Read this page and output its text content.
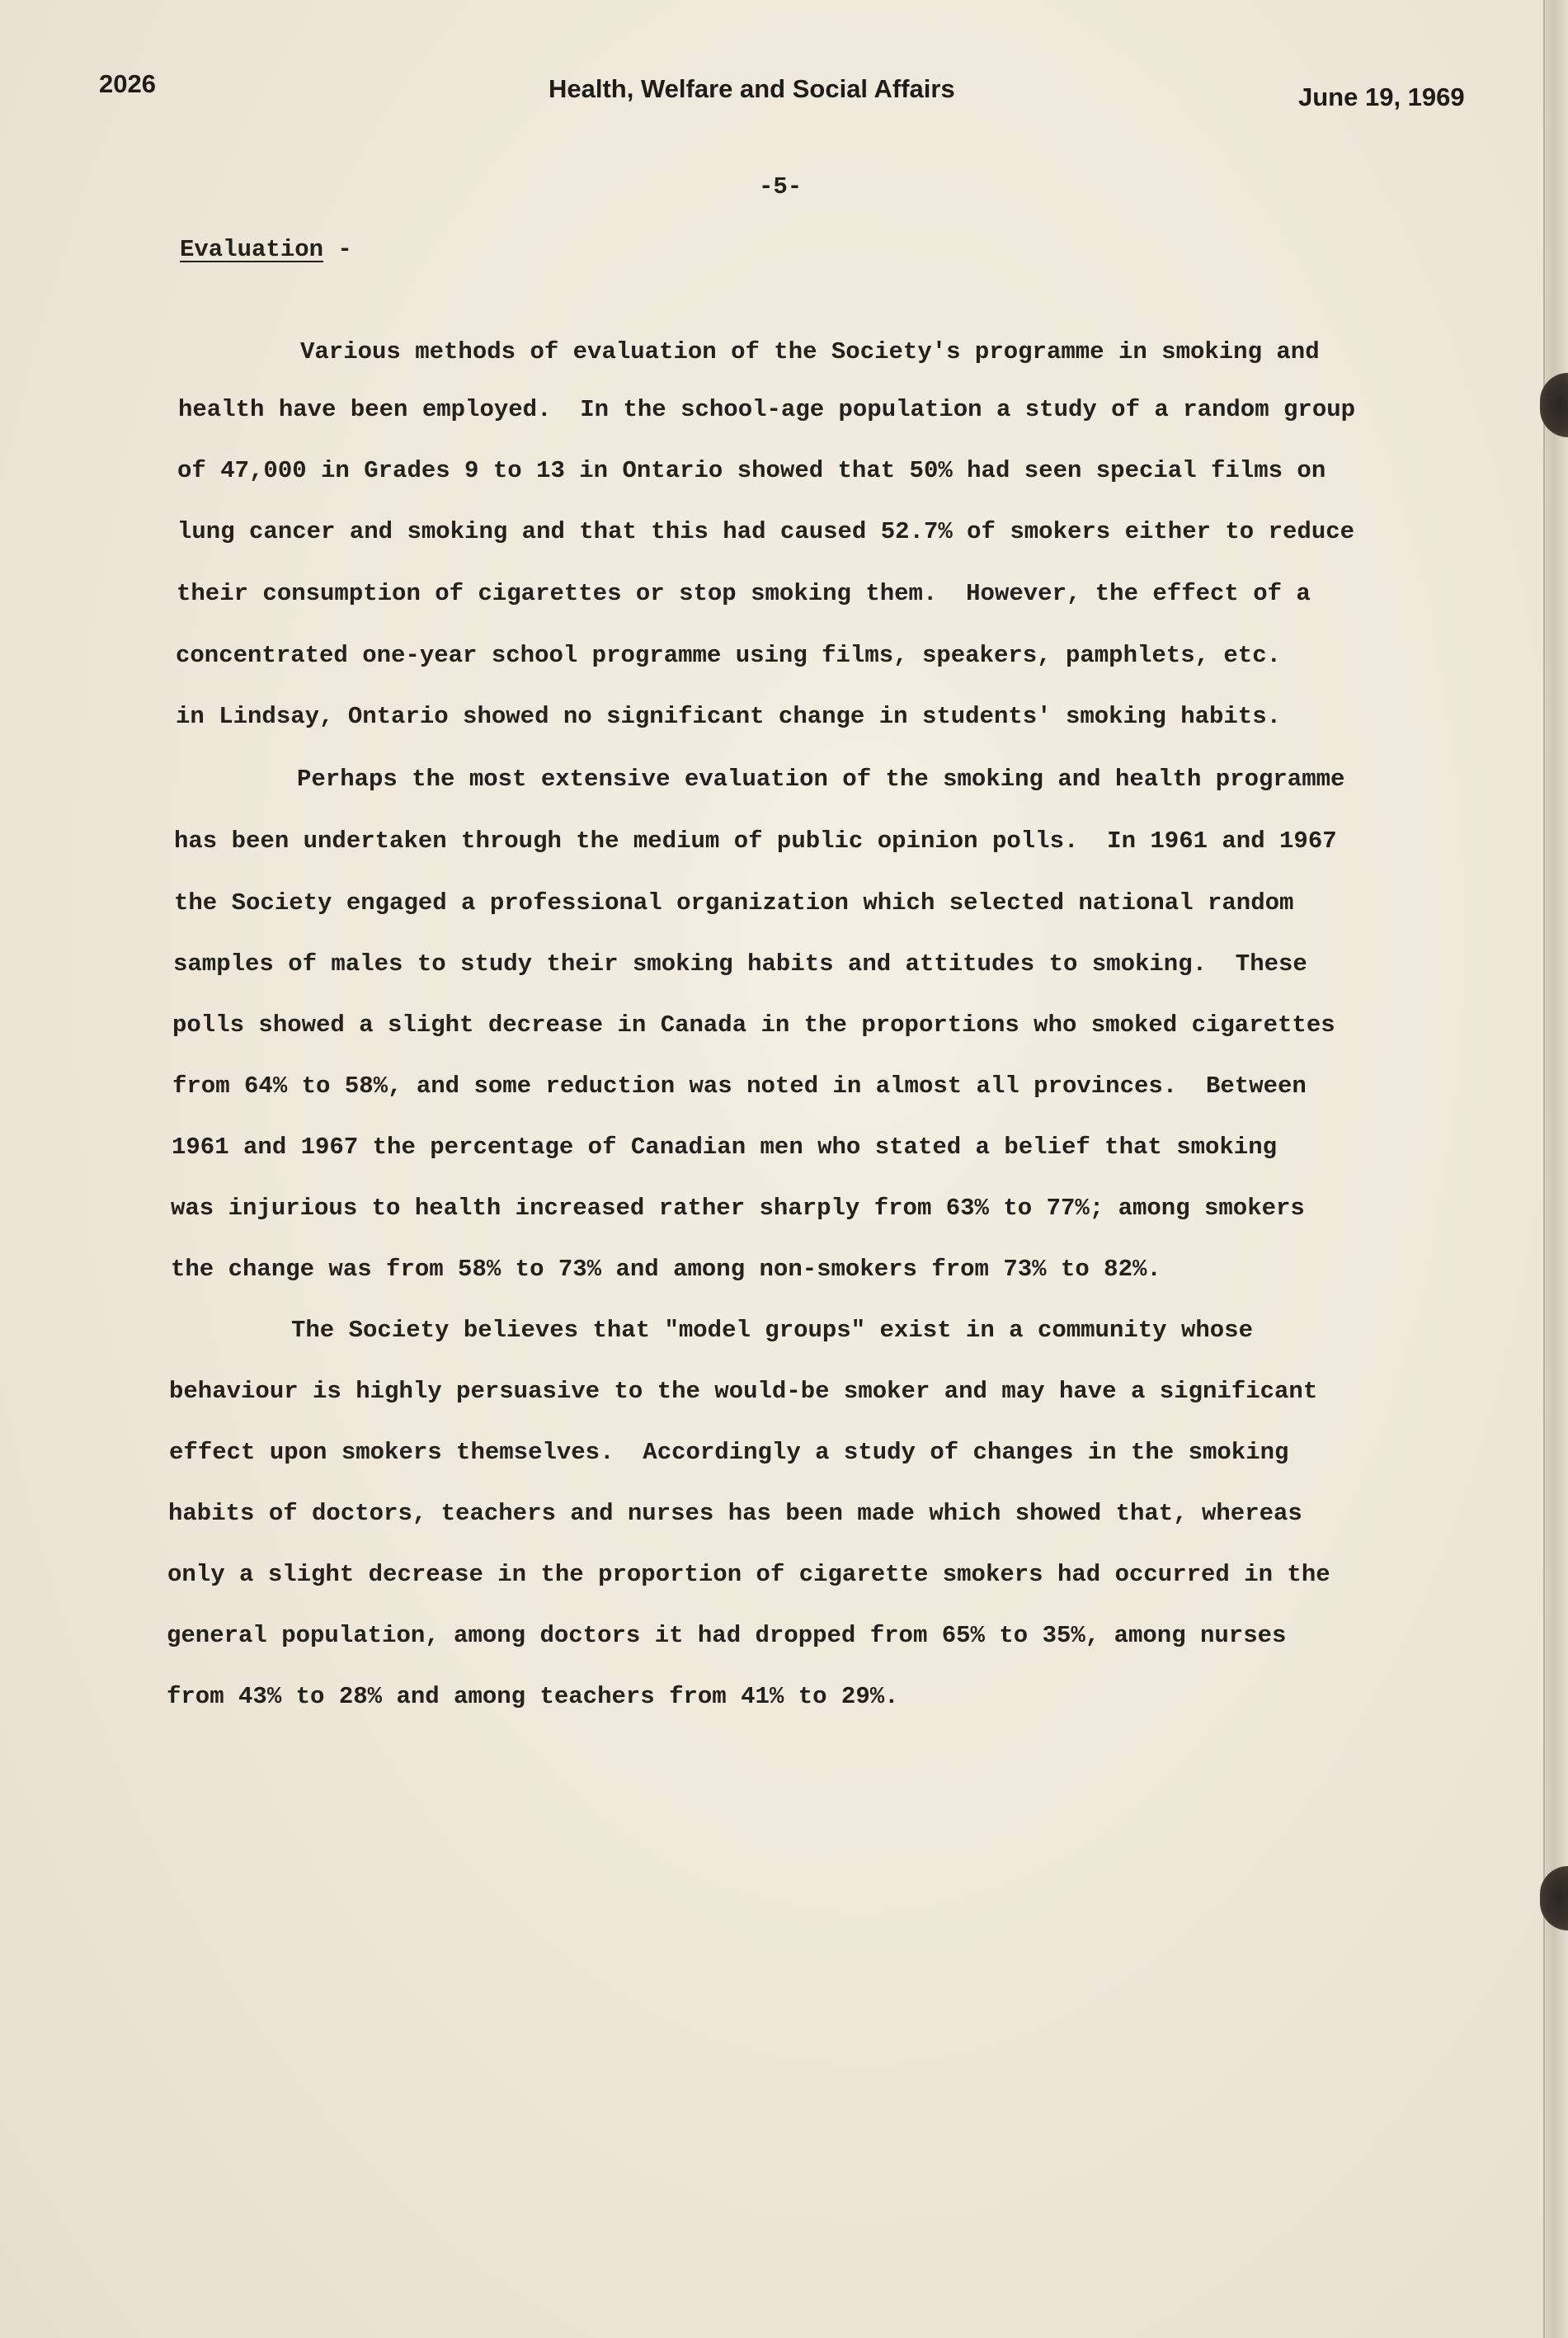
2026	Health, Welfare and Social Affairs	June 19, 1969
-5-
Evaluation -
Various methods of evaluation of the Society's programme in smoking and
health have been employed.  In the school-age population a study of a random group
of 47,000 in Grades 9 to 13 in Ontario showed that 50% had seen special films on
lung cancer and smoking and that this had caused 52.7% of smokers either to reduce
their consumption of cigarettes or stop smoking them.  However, the effect of a
concentrated one-year school programme using films, speakers, pamphlets, etc.
in Lindsay, Ontario showed no significant change in students' smoking habits.
Perhaps the most extensive evaluation of the smoking and health programme
has been undertaken through the medium of public opinion polls.  In 1961 and 1967
the Society engaged a professional organization which selected national random
samples of males to study their smoking habits and attitudes to smoking.  These
polls showed a slight decrease in Canada in the proportions who smoked cigarettes
from 64% to 58%, and some reduction was noted in almost all provinces.  Between
1961 and 1967 the percentage of Canadian men who stated a belief that smoking
was injurious to health increased rather sharply from 63% to 77%; among smokers
the change was from 58% to 73% and among non-smokers from 73% to 82%.
The Society believes that "model groups" exist in a community whose
behaviour is highly persuasive to the would-be smoker and may have a significant
effect upon smokers themselves.  Accordingly a study of changes in the smoking
habits of doctors, teachers and nurses has been made which showed that, whereas
only a slight decrease in the proportion of cigarette smokers had occurred in the
general population, among doctors it had dropped from 65% to 35%, among nurses
from 43% to 28% and among teachers from 41% to 29%.
